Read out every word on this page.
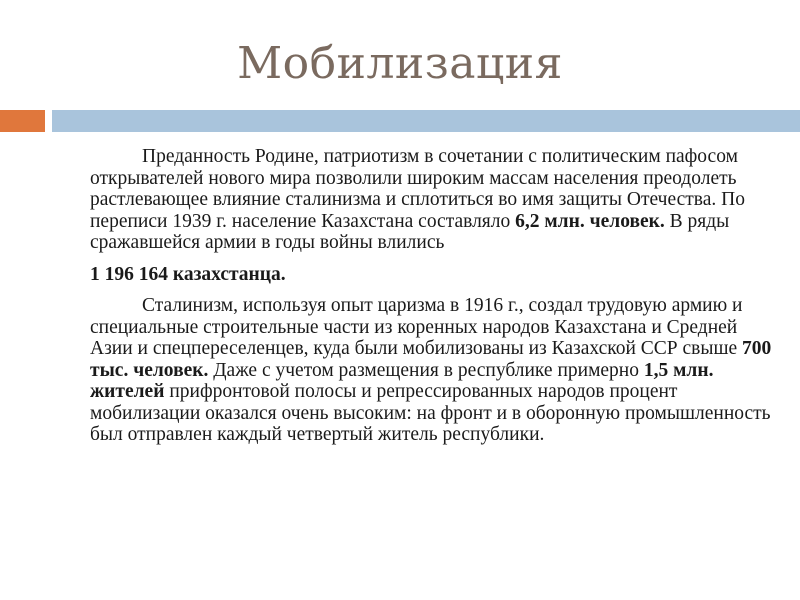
Мобилизация

Преданность Родине, патриотизм в сочетании с политическим пафосом открывателей нового мира позволили широким массам населения преодолеть растлевающее влияние сталинизма и сплотиться во имя защиты Отечества. По переписи 1939 г. население Казахстана составляло 6,2 млн. человек. В ряды сражавшейся армии в годы войны влились

1 196 164 казахстанца.

Сталинизм, используя опыт царизма в 1916 г., создал трудовую армию и специальные строительные части из коренных народов Казахстана и Средней Азии и спецпереселенцев, куда были мобилизованы из Казахской ССР свыше 700 тыс. человек. Даже с учетом размещения в республике примерно 1,5 млн. жителей прифронтовой полосы и репрессированных народов процент мобилизации оказался очень высоким: на фронт и в оборонную промышленность был отправлен каждый четвертый житель республики.
